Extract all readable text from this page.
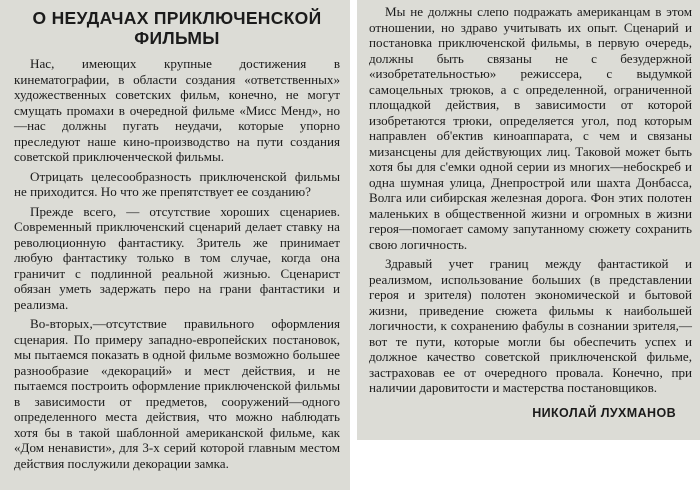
О НЕУДАЧАХ ПРИКЛЮЧЕНСКОЙ ФИЛЬМЫ

Нас, имеющих крупные достижения в кинематографии, в области создания «ответственных» художественных советских фильм, конечно, не могут смущать промахи в очередной фильме «Мисс Менд», но—нас должны пугать неудачи, которые упорно преследуют наше кино-производство на пути создания советской приключенческой фильмы.

Отрицать целесообразность приключенской фильмы не приходится. Но что же препятствует ее созданию?

Прежде всего, — отсутствие хороших сценариев. Современный приключенский сценарий делает ставку на революционную фантастику. Зритель же принимает любую фантастику только в том случае, когда она граничит с подлинной реальной жизнью. Сценарист обязан уметь задержать перо на грани фантастики и реализма.

Во-вторых,—отсутствие правильного оформления сценария. По примеру западно-европейских постановок, мы пытаемся показать в одной фильме возможно большее разнообразие «декораций» и мест действия, и не пытаемся построить оформление приключенской фильмы в зависимости от предметов, сооружений—одного определенного места действия, что можно наблюдать хотя бы в такой шаблонной американской фильме, как «Дом ненависти», для 3-х серий которой главным местом действия послужили декорации замка.

Мы не должны слепо подражать американцам в этом отношении, но здраво учитывать их опыт. Сценарий и постановка приключенской фильмы, в первую очередь, должны быть связаны не с безудержной «изобретательностью» режиссера, с выдумкой самоцельных трюков, а с определенной, ограниченной площадкой действия, в зависимости от которой изобретаются трюки, определяется угол, под которым направлен об'ектив киноаппарата, с чем и связаны мизансцены для действующих лиц. Таковой может быть хотя бы для с'емки одной серии из многих—небоскреб и одна шумная улица, Днепрострой или шахта Донбасса, Волга или сибирская железная дорога. Фон этих полотен маленьких в общественной жизни и огромных в жизни героя—помогает самому запутанному сюжету сохранить свою логичность.

Здравый учет границ между фантастикой и реализмом, использование больших (в представлении героя и зрителя) полотен экономической и бытовой жизни, приведение сюжета фильмы к наибольшей логичности, к сохранению фабулы в сознании зрителя,—вот те пути, которые могли бы обеспечить успех и должное качество советской приключенской фильме, застраховав ее от очередного провала. Конечно, при наличии даровитости и мастерства постановщиков.

НИКОЛАЙ ЛУХМАНОВ
